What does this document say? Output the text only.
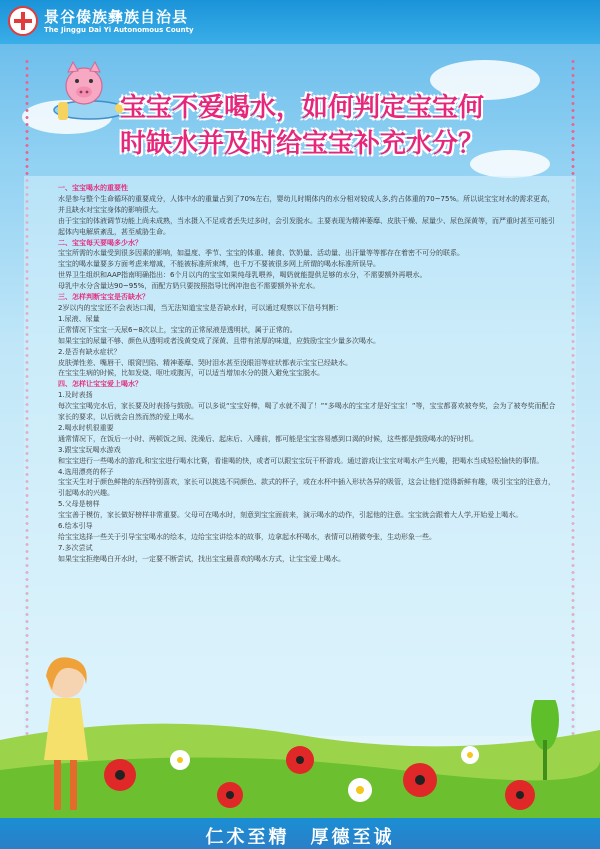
景谷傣族彝族自治县
The Jinggu Dai Yi Autonomous County
宝宝不爱喝水，如何判定宝宝何
时缺水并及时给宝宝补充水分？

一、宝宝喝水的重要性

水是参与整个生命循环的重要成分，人体中水的重量占到了70%左右，婴幼儿时期体内的水分相对较成人多,约占体重的70~75%。所以说宝宝对水的需求更高，并且缺水对宝宝身体的影响很大。

由于宝宝的体液调节功能上尚未成熟，当水摄入不足或者丢失过多时，会引发脱水。主要表现为精神萎靡、皮肤干燥、尿量少、尿色深黄等，而严重时甚至可能引起体内电解质紊乱，甚至威胁生命。

二、宝宝每天要喝多少水？

宝宝所需的水量受到很多因素的影响，如温度、季节、宝宝的体重、辅食、饮奶量、活动量、出汗量等等都存在着密不可分的联系。

宝宝的喝水量要多方面考虑来增减，不能被标准所束缚，也千万不要被很多网上所谓的喝水标准所误导。

世界卫生组织和AAP指南明确指出：6个月以内的宝宝如果纯母乳喂养，喝奶就能提供足够的水分，不需要额外再喂水。

母乳中水分含量达90~95%，而配方奶只要按照指导比例冲泡也不需要额外补充水。

三、怎样判断宝宝是否缺水？

2岁以内的宝宝还不会表达口渴，当无法知道宝宝是否缺水时，可以通过观察以下信号判断：

1.尿液、尿量

正常情况下宝宝一天尿6~8次以上，宝宝的正常尿液是透明状，属于正常的。

如果宝宝的尿量不够、颜色从透明或者浅黄变成了深黄、且带有浓厚的味道，应鼓励宝宝少量多次喝水。

2.是否有缺水症状？

皮肤弹性差、嘴唇干、眼窝凹陷、精神萎靡、哭时泪水甚至没眼泪等症状都表示宝宝已经缺水。

在宝宝生病的时候，比如发烧、呕吐或腹泻，可以适当增加水分的摄入避免宝宝脱水。

四、怎样让宝宝爱上喝水？

1.及时表扬

每次宝宝喝完水后，家长要及时表扬与鼓励。可以多说“宝宝好棒，喝了水就不渴了！”“多喝水的宝宝才是好宝宝！”等，宝宝都喜欢被夸奖，会为了被夸奖而配合家长的要求，以后就会自然而然的爱上喝水。

2.喝水时机很重要

通常情况下，在饭后一小时、两顿饭之间、洗澡后、起床后、入睡前，都可能是宝宝容易感到口渴的时候，这些都是鼓励喝水的好时机。

3.跟宝宝玩喝水游戏

和宝宝进行一些喝水的游戏,和宝宝进行喝水比赛，看谁喝的快，或者可以跟宝宝玩干杯游戏。通过游戏让宝宝对喝水产生兴趣，把喝水当成轻松愉快的事情。

4.选用漂亮的杯子

宝宝天生对于颜色鲜艳的东西特别喜欢，家长可以挑选不同颜色、款式的杯子，或在水杯中插入形状各异的吸管，这会让他们觉得新鲜有趣，吸引宝宝的注意力，引起喝水的兴趣。

5.父母是榜样

宝宝善于模仿，家长做好榜样非常重要。父母可在喝水时，刻意到宝宝面前来，演示喝水的动作，引起他的注意。宝宝就会跟着大人学,开始爱上喝水。

6.绘本引导

给宝宝选择一些关于引导宝宝喝水的绘本，边给宝宝讲绘本的故事，边拿起水杯喝水，表情可以稍微夸张，生动形象一些。

7.多次尝试

如果宝宝拒绝喝白开水时，一定要不断尝试，找出宝宝最喜欢的喝水方式，让宝宝爱上喝水。

仁术至精　厚德至诚
